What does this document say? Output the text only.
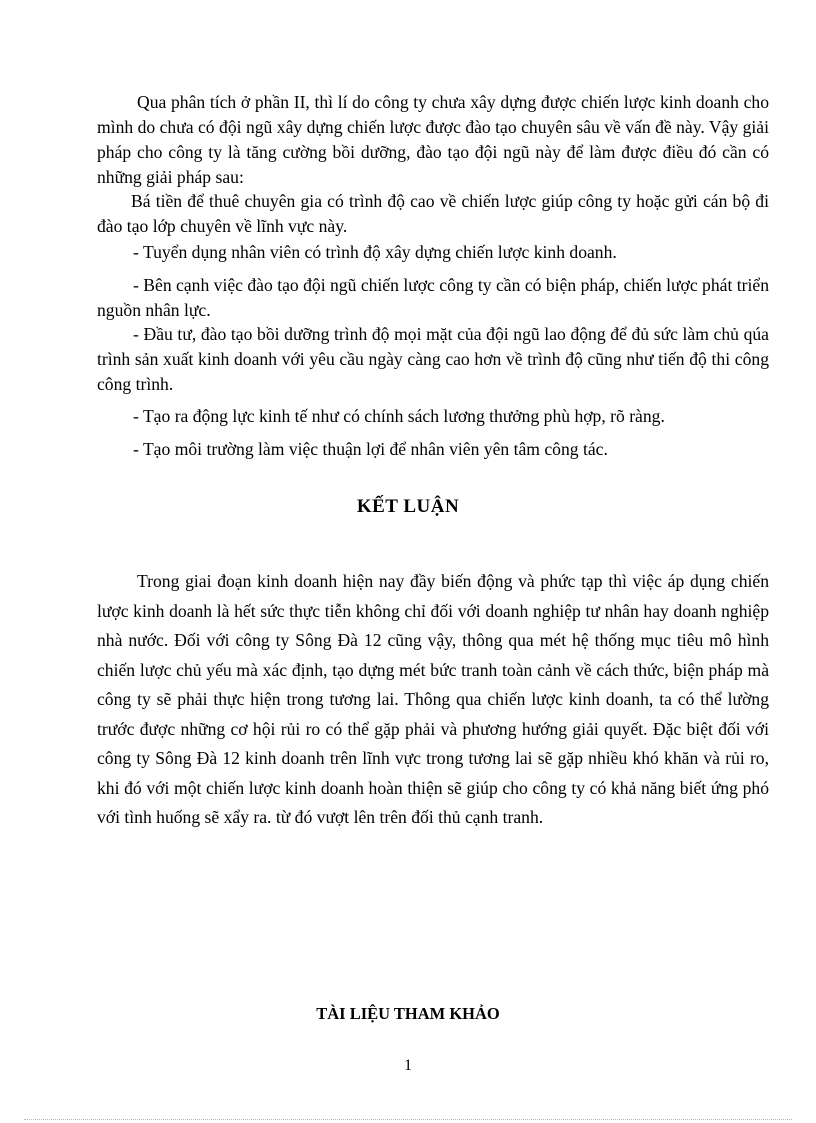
Qua phân tích ở phần II, thì lí do công ty chưa xây dựng được chiến lược kinh doanh cho mình do chưa có đội ngũ xây dựng chiến lược được đào tạo chuyên sâu về vấn đề này. Vậy giải pháp cho công ty là tăng cường bồi dưỡng, đào tạo đội ngũ này để làm được điều đó cần có những giải pháp sau:

Bá tiền để thuê chuyên gia có trình độ cao về chiến lược giúp công ty hoặc gửi cán bộ đi đào tạo lớp chuyên về lĩnh vực này.

- Tuyển dụng nhân viên có trình độ xây dựng chiến lược kinh doanh.

- Bên cạnh việc đào tạo đội ngũ chiến lược công ty cần có biện pháp, chiến lược phát triển nguồn nhân lực.

- Đầu tư, đào tạo bồi dưỡng trình độ mọi mặt của đội ngũ lao động để đủ sức làm chủ qúa trình sản xuất kinh doanh với yêu cầu ngày càng cao hơn về trình độ cũng như tiến độ thi công công trình.

- Tạo ra động lực kinh tế như có chính sách lương thưởng phù hợp, rõ ràng.

- Tạo môi trường làm việc thuận lợi để nhân viên yên tâm công tác.

KẾT LUẬN

Trong giai đoạn kinh doanh hiện nay đầy biến động và phức tạp thì việc áp dụng chiến lược kinh doanh là hết sức thực tiễn không chỉ đối với doanh nghiệp tư nhân hay doanh nghiệp nhà nước. Đối với công ty Sông Đà 12 cũng vậy, thông qua mét hệ thống mục tiêu mô hình chiến lược chủ yếu mà xác định, tạo dựng mét bức tranh toàn cảnh về cách thức, biện pháp mà công ty sẽ phải thực hiện trong tương lai. Thông qua chiến lược kinh doanh, ta có thể lường trước được những cơ hội rủi ro có thể gặp phải và phương hướng giải quyết. Đặc biệt đối với công ty Sông Đà 12 kinh doanh trên lĩnh vực trong tương lai sẽ gặp nhiều khó khăn và rủi ro, khi đó với một chiến lược kinh doanh hoàn thiện sẽ giúp cho công ty có khả năng biết ứng phó với tình huống sẽ xẩy ra. từ đó vượt lên trên đối thủ cạnh tranh.

TÀI LIỆU THAM KHẢO
1
